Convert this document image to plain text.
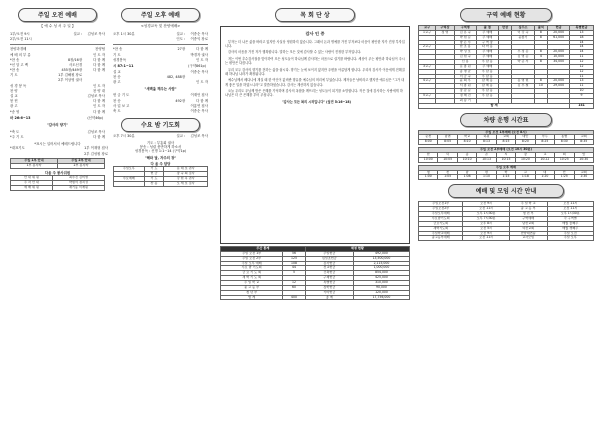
주일 오전 예배
【 예 수 성 서 주 일 】
1부/오전 9시	설교 :	김성조 목사
2부/오전 11시
찬양과경배	찬양팀
예 배 의 부 름	인 도 자
*찬 송	8장/16장	다 함 께
*신 앙 고 백	사도신경	다 함 께
*찬 송	455장/449장	다 함 께
기 도	1부 김해원 장로
2부 이상영 권사
성 경 봉 독	인 도 자
찬 양	찬 양 대
설 교	김성조 목사
봉 헌	다 함 께
광 고	인 도 자
*송 영	다 함 께
마 26:6~13	(신약46p)
"감사의 향기"
*축 도	김성조 목사
*주 기 도	다 함 께
*표시는 일어서서 예배드립니다
*대표기도	1부 이재형 집사
2부 김성원 장로
주일 1부 안내	주일 2부 안내
1부 봉사자	2부 봉사자
다음 주 봉사위원
안 내 위 원	최수진 김미영
주 차 안 내	박범석 정치성
예 배 위 원	채기동 이재원
주일 오후 예배
<성경교독 및 찬양예배>
오후 1시 30분	설교 :	이종순 목사
인도 :	이종익 장로
*찬 송	27장	다 함 께
기 도	박경자 권사
성경봉독	인 도 자
시 87:1~11	(구약861p)
설 교	이종순 목사
찬 송	482, 488장
광 고	인 도 자
"새벽을 깨우는 사람"
헌 금 기 도	이재언 집사
찬 송	492장	다 함 께
사 업 보 고	이흥연 집사
축 도	이종순 목사
수요 밤 기도회
오후 7시 30분	설교 :	김성조 목사
기도 : 부흥회 권사
봉송 : 성령 충만하게 하소서
성경봉독 : 신명 1:1~14 (구약1p)
"해와 달, 자주의 장"
다 음 주 담당
주일오후	기 도	문 대 호 권사
	헌 금	장 숙 희 집사
수요예배	기 도	강 현 옥 권사
	찬 송	오 세 호 집사
목 회 단 상
감사 인 증

부자는 더 나은 삶을 바라고 있지만 사실상 영원하지 않습니다. 그래서 돈과 명예를 가진 부자보다 마음이 평안한 자가 진정 부자입니다.

감사의 마음을 가진 자가 행복합니다. 말하는 모든 것에 감사할 수 있는 사람이 진정한 부자입니다.

저는 이번 추수감사절을 맞이하여 모든 성도들이 하나님께 감사하는 마음으로 살기를 바랍니다. 세상이 주는 평안과 하나님이 주시는 평안은 다릅니다.

우리 모두 감사의 향기를 전하는 삶을 삽시다. 향기는 눈에 보이지 않지만 주변을 아름답게 합니다. 우리의 감사가 이웃에게 전해질 때 하나님 나라가 확장됩니다.

예수님께서 베다니에 계실 때 한 여인이 값비싼 향유를 예수님의 머리에 부었습니다. 제자들은 낭비라고 했지만 예수님은 "그가 내게 좋은 일을 하였느니라"고 말씀하셨습니다. 감사는 계산하지 않습니다.

오늘 우리도 주님께 받은 은혜를 기억하며 감사의 옥합을 깨뜨리는 성도들이 되기를 소망합니다. 작은 것에 감사하는 사람에게 하나님은 더 큰 은혜를 부어 주십니다.

"감사는 모든 복의 시작입니다" (살전 5:16~18)

주간 통계		재정 현황	
주일 오전 1부	56	주일헌금	492,000
주일 오전 2부	125	십일조헌금	13,500,000
주일 오후 예배	108	감사헌금	2,115,000
수요 밤 기도회	44	선교헌금	1,000,000
금 요 기 도 회	5	건축헌금	854,000
새 벽 기 도 회		구제헌금	425,000
주 일 학 교	12	특별헌금	310,000
중 고 등 부	60	장학헌금	90,000
청 년 부		기타헌금	120,000
합 계	400	총 계	17,756,000
구역 예배 현황
교구	구역장	구역명	출 철	반장	집주소	출석	헌금	특별헌금
1교구	정 영	김 유 숙	주 예배		이 강 숙	8	20,000	13
		박 현 순	주 예배		윤종기	8	61,000	18
		방 은 수	구 역 장					14
2교구		한 조 용	다 마 동					14
		박 성 호	주 예배		우 정 문	8	20,000	14
		김 현 숙	주 예배		김 영 순	4	10,000	11
		신 용	우 남 동		박 준 서	8	34,000	12
3교구		문 종 원	주 예배					12
		송 명 균	우 남 동					12
		이 금 숙	우 남 동					11
4교구		윤 희 우	남 해 동		송 영 현	8	20,000	13
		서 종 원	남 해 동		김 우 철	10	29,000	11
		장 갑 순	우 남 동					10
5교구		정 해 진	우 남 동					9
		최 승 기						
합 계								141
차량 운행 시간표
주일 오전 1부예배 (오전 8시)								
순천	남면	학교	하원	교회	대안	부두	농협	교회
8:00	8:05	8:10	8:13	8:15	8:20	8:25	8:30	8:35
주일 오전 2부예배 (오전 10시 30분)								
한	덕	송	촌	시	장	교	회	앞
10:00	10:05	10:10	10:13	10:15	10:20	10:22	10:25	10:30
주일 오후 예배								
청	천	남	면	학	교	대	안	교회
1:00	1:05	1:08	1:10	1:15	1:18	1:20	1:25	1:30
예배 및 모임 시간 안내
주일오전1부	오전 9시	주 일 학 교	오전 11시
주일오전2부	오전 11시	중 고 등 부	오전 11시
주일오후예배	오후 1시30분	청 년 부	오후 1시30분
수요밤기도회	오후 7시30분	구역예배	각 구역별
금요기도회	오후 8시	남선교회	매월 둘째주
새벽기도회	오전 5시	여선교회	매월 셋째주
주일학교예배	오전 9시	찬양대연습	주일 오전
중고등부예배	오전 11시	교사모임	주일 오후
